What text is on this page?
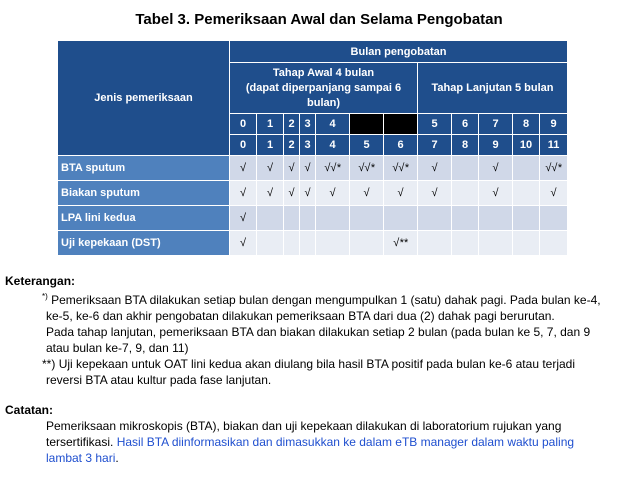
Tabel 3. Pemeriksaan Awal dan Selama Pengobatan
Jenis pemeriksaan	Bulan pengobatan											

	Tahap Awal 4 bulan
(dapat diperpanjang sampai 6
bulan)							Tahap Lanjutan 5 bulan				
	0	1	2	3	4			5	6	7	8	9
	0	1	2	3	4	5	6	7	8	9	10	11
BTA sputum	√	√	√	√	√√*	√√*	√√*	√		√		√√*
Biakan sputum	√	√	√	√	√	√	√	√		√		√
LPA lini kedua	√											
Uji kepekaan (DST)	√						√**					
Keterangan:
*) Pemeriksaan BTA dilakukan setiap bulan dengan mengumpulkan 1 (satu) dahak pagi. Pada bulan ke-4,
ke-5, ke-6 dan akhir pengobatan dilakukan pemeriksaan BTA dari dua (2) dahak pagi berurutan.
Pada tahap lanjutan, pemeriksaan BTA dan biakan dilakukan setiap 2 bulan (pada bulan ke 5, 7, dan 9
atau bulan ke-7, 9, dan 11)
**) Uji kepekaan untuk OAT lini kedua akan diulang bila hasil BTA positif pada bulan ke-6 atau terjadi
reversi BTA atau kultur pada fase lanjutan.
Catatan:
Pemeriksaan mikroskopis (BTA), biakan dan uji kepekaan dilakukan di laboratorium rujukan yang
tersertifikasi. Hasil BTA diinformasikan dan dimasukkan ke dalam eTB manager dalam waktu paling
lambat 3 hari.
